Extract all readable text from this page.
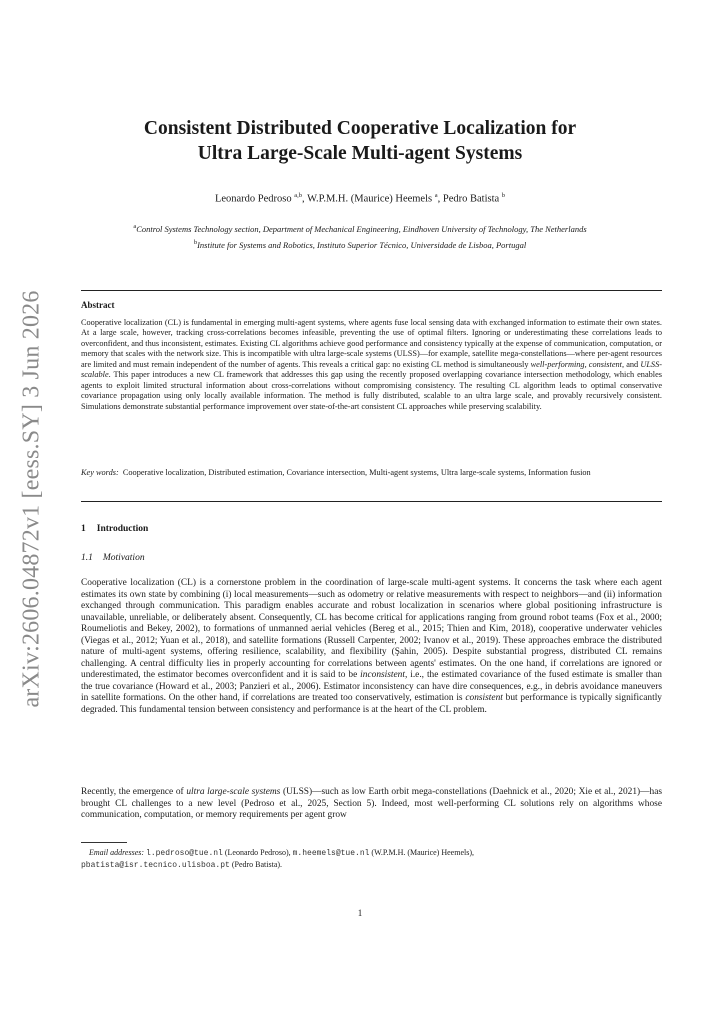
arXiv:2606.04872v1 [eess.SY] 3 Jun 2026
Consistent Distributed Cooperative Localization for
Ultra Large-Scale Multi-agent Systems
Leonardo Pedroso $^{a,b}$, W.P.M.H. (Maurice) Heemels $^a$, Pedro Batista $^b$
$^a$Control Systems Technology section, Department of Mechanical Engineering, Eindhoven University of Technology, The Netherlands
$^b$Institute for Systems and Robotics, Instituto Superior Técnico, Universidade de Lisboa, Portugal
Abstract
Cooperative localization (CL) is fundamental in emerging multi-agent systems, where agents fuse local sensing data with exchanged information to estimate their own states. At a large scale, however, tracking cross-correlations becomes infeasible, preventing the use of optimal filters. Ignoring or underestimating these correlations leads to overconfident, and thus inconsistent, estimates. Existing CL algorithms achieve good performance and consistency typically at the expense of communication, computation, or memory that scales with the network size. This is incompatible with ultra large-scale systems (ULSS)—for example, satellite mega-constellations—where per-agent resources are limited and must remain independent of the number of agents. This reveals a critical gap: no existing CL method is simultaneously well-performing, consistent, and ULSS-scalable. This paper introduces a new CL framework that addresses this gap using the recently proposed overlapping covariance intersection methodology, which enables agents to exploit limited structural information about cross-correlations without compromising consistency. The resulting CL algorithm leads to optimal conservative covariance propagation using only locally available information. The method is fully distributed, scalable to an ultra large scale, and provably recursively consistent. Simulations demonstrate substantial performance improvement over state-of-the-art consistent CL approaches while preserving scalability.
Key words: Cooperative localization, Distributed estimation, Covariance intersection, Multi-agent systems, Ultra large-scale systems, Information fusion
1 Introduction
1.1 Motivation
Cooperative localization (CL) is a cornerstone problem in the coordination of large-scale multi-agent systems. It concerns the task where each agent estimates its own state by combining (i) local measurements—such as odometry or relative measurements with respect to neighbors—and (ii) information exchanged through communication. This paradigm enables accurate and robust localization in scenarios where global positioning infrastructure is unavailable, unreliable, or deliberately absent. Consequently, CL has become critical for applications ranging from ground robot teams (Fox et al., 2000; Roumeliotis and Bekey, 2002), to formations of unmanned aerial vehicles (Bereg et al., 2015; Thien and Kim, 2018), cooperative underwater vehicles (Viegas et al., 2012; Yuan et al., 2018), and satellite formations (Russell Carpenter, 2002; Ivanov et al., 2019). These approaches embrace the distributed nature of multi-agent systems, offering resilience, scalability, and flexibility (Şahin, 2005). Despite substantial progress, distributed CL remains challenging. A central difficulty lies in properly accounting for correlations between agents' estimates. On the one hand, if correlations are ignored or underestimated, the estimator becomes overconfident and it is said to be inconsistent, i.e., the estimated covariance of the fused estimate is smaller than the true covariance (Howard et al., 2003; Panzieri et al., 2006). Estimator inconsistency can have dire consequences, e.g., in debris avoidance maneuvers in satellite formations. On the other hand, if correlations are treated too conservatively, estimation is consistent but performance is typically significantly degraded. This fundamental tension between consistency and performance is at the heart of the CL problem.
Recently, the emergence of ultra large-scale systems (ULSS)—such as low Earth orbit mega-constellations (Daehnick et al., 2020; Xie et al., 2021)—has brought CL challenges to a new level (Pedroso et al., 2025, Section 5). Indeed, most well-performing CL solutions rely on algorithms whose communication, computation, or memory requirements per agent grow
Email addresses: l.pedroso@tue.nl (Leonardo Pedroso), m.heemels@tue.nl (W.P.M.H. (Maurice) Heemels),
pbatista@isr.tecnico.ulisboa.pt (Pedro Batista).
1
